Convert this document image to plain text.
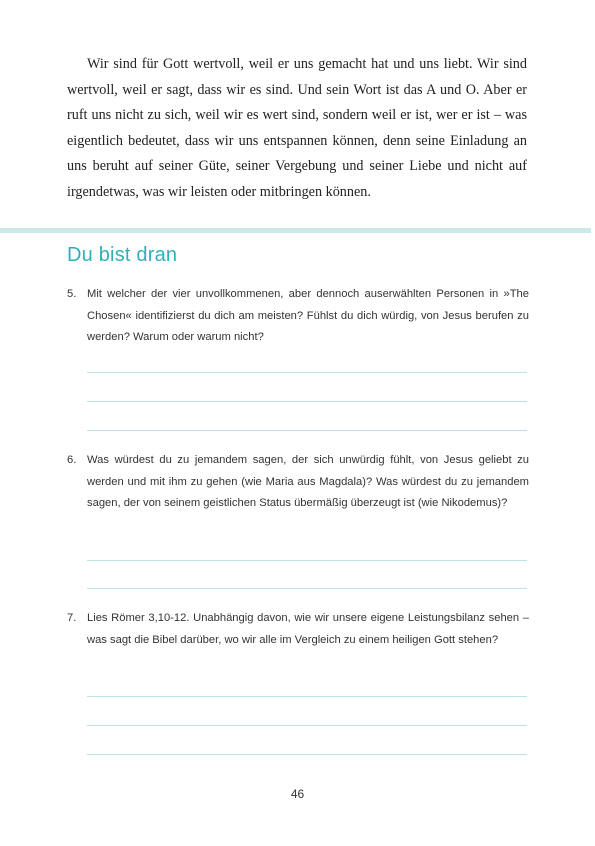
Wir sind für Gott wertvoll, weil er uns gemacht hat und uns liebt. Wir sind wertvoll, weil er sagt, dass wir es sind. Und sein Wort ist das A und O. Aber er ruft uns nicht zu sich, weil wir es wert sind, sondern weil er ist, wer er ist – was eigentlich bedeutet, dass wir uns entspannen können, denn seine Einladung an uns beruht auf seiner Güte, seiner Vergebung und seiner Liebe und nicht auf irgendetwas, was wir leisten oder mitbringen können.

Du bist dran
5. Mit welcher der vier unvollkommenen, aber dennoch auserwählten Personen in »The Chosen« identifizierst du dich am meisten? Fühlst du dich würdig, von Jesus berufen zu werden? Warum oder warum nicht?
6. Was würdest du zu jemandem sagen, der sich unwürdig fühlt, von Jesus geliebt zu werden und mit ihm zu gehen (wie Maria aus Magdala)? Was würdest du zu jemandem sagen, der von seinem geistlichen Status übermäßig überzeugt ist (wie Nikodemus)?
7. Lies Römer 3,10-12. Unabhängig davon, wie wir unsere eigene Leistungsbilanz sehen – was sagt die Bibel darüber, wo wir alle im Vergleich zu einem heiligen Gott stehen?
46
